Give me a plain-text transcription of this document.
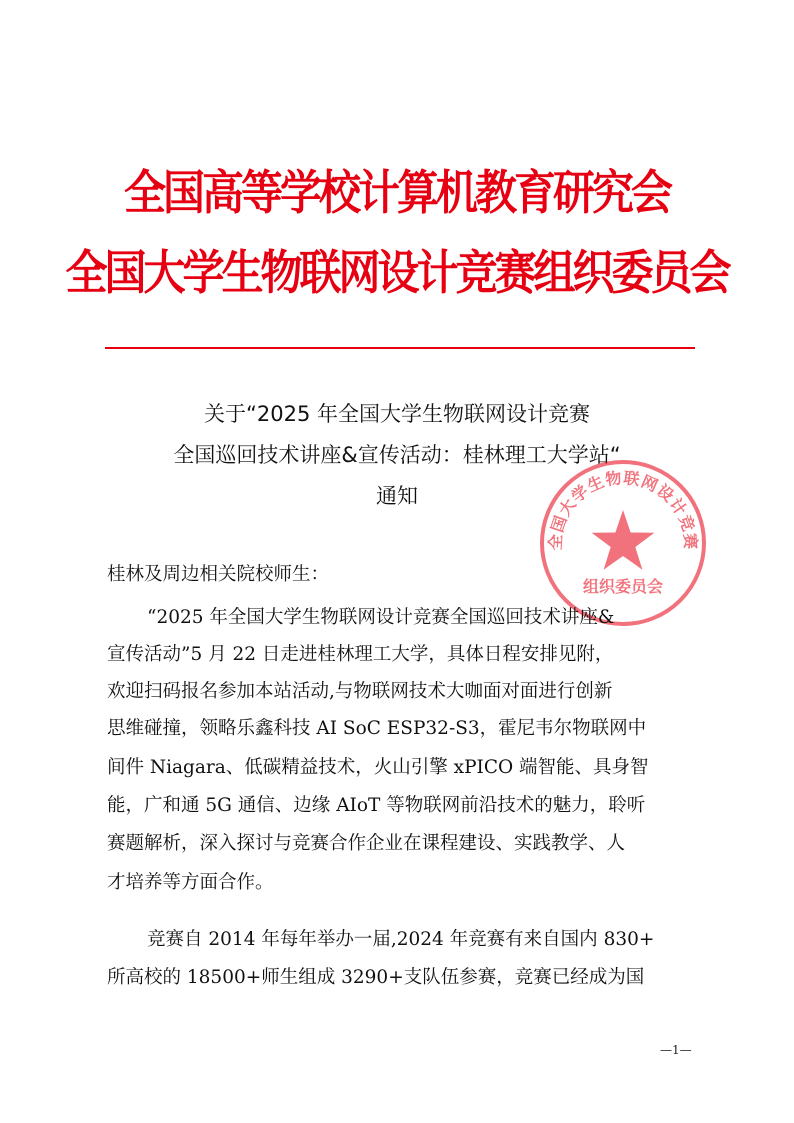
全国高等学校计算机教育研究会
全国大学生物联网设计竞赛组织委员会
关于“2025 年全国大学生物联网设计竞赛
全国巡回技术讲座&宣传活动：桂林理工大学站“
通知
全国大学生物联网设计竞赛
组织委员会
桂林及周边相关院校师生：
“2025 年全国大学生物联网设计竞赛全国巡回技术讲座&
宣传活动”5 月 22 日走进桂林理工大学，具体日程安排见附，
欢迎扫码报名参加本站活动,与物联网技术大咖面对面进行创新
思维碰撞，领略乐鑫科技 AI SoC ESP32-S3，霍尼韦尔物联网中
间件 Niagara、低碳精益技术，火山引擎 xPICO 端智能、具身智
能，广和通 5G 通信、边缘 AIoT 等物联网前沿技术的魅力，聆听
赛题解析，深入探讨与竞赛合作企业在课程建设、实践教学、人
才培养等方面合作。
竞赛自 2014 年每年举办一届,2024 年竞赛有来自国内 830+
所高校的 18500+师生组成 3290+支队伍参赛，竞赛已经成为国
—1—
